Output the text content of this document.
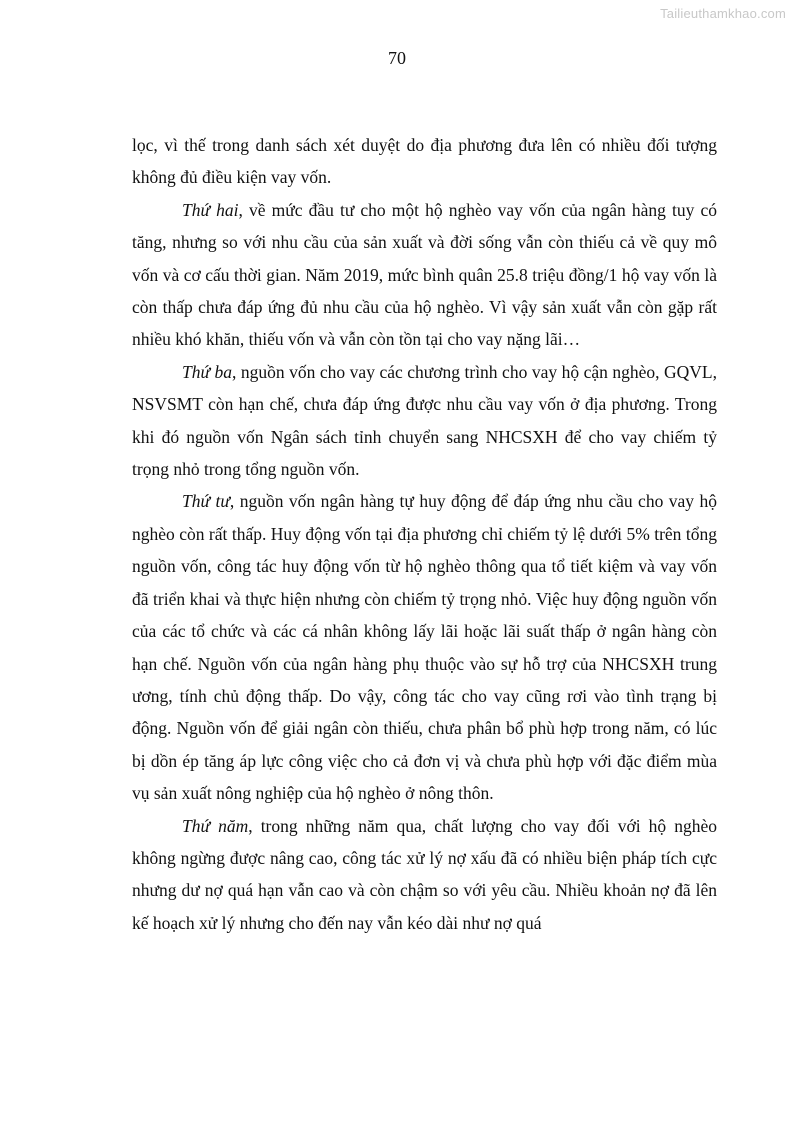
Tailieuthamkhao.com
70

lọc, vì thế trong danh sách xét duyệt do địa phương đưa lên có nhiều đối tượng không đủ điều kiện vay vốn.

Thứ hai, về mức đầu tư cho một hộ nghèo vay vốn của ngân hàng tuy có tăng, nhưng so với nhu cầu của sản xuất và đời sống vẫn còn thiếu cả về quy mô vốn và cơ cấu thời gian. Năm 2019, mức bình quân 25.8 triệu đồng/1 hộ vay vốn là còn thấp chưa đáp ứng đủ nhu cầu của hộ nghèo. Vì vậy sản xuất vẫn còn gặp rất nhiều khó khăn, thiếu vốn và vẫn còn tồn tại cho vay nặng lãi…

Thứ ba, nguồn vốn cho vay các chương trình cho vay hộ cận nghèo, GQVL, NSVSMT còn hạn chế, chưa đáp ứng được nhu cầu vay vốn ở địa phương. Trong khi đó nguồn vốn Ngân sách tỉnh chuyển sang NHCSXH để cho vay chiếm tỷ trọng nhỏ trong tổng nguồn vốn.

Thứ tư, nguồn vốn ngân hàng tự huy động để đáp ứng nhu cầu cho vay hộ nghèo còn rất thấp. Huy động vốn tại địa phương chỉ chiếm tỷ lệ dưới 5% trên tổng nguồn vốn, công tác huy động vốn từ hộ nghèo thông qua tổ tiết kiệm và vay vốn đã triển khai và thực hiện nhưng còn chiếm tỷ trọng nhỏ. Việc huy động nguồn vốn của các tổ chức và các cá nhân không lấy lãi hoặc lãi suất thấp ở ngân hàng còn hạn chế. Nguồn vốn của ngân hàng phụ thuộc vào sự hỗ trợ của NHCSXH trung ương, tính chủ động thấp. Do vậy, công tác cho vay cũng rơi vào tình trạng bị động. Nguồn vốn để giải ngân còn thiếu, chưa phân bổ phù hợp trong năm, có lúc bị dồn ép tăng áp lực công việc cho cả đơn vị và chưa phù hợp với đặc điểm mùa vụ sản xuất nông nghiệp của hộ nghèo ở nông thôn.

Thứ năm, trong những năm qua, chất lượng cho vay đối với hộ nghèo không ngừng được nâng cao, công tác xử lý nợ xấu đã có nhiều biện pháp tích cực nhưng dư nợ quá hạn vẫn cao và còn chậm so với yêu cầu. Nhiều khoản nợ đã lên kế hoạch xử lý nhưng cho đến nay vẫn kéo dài như nợ quá
